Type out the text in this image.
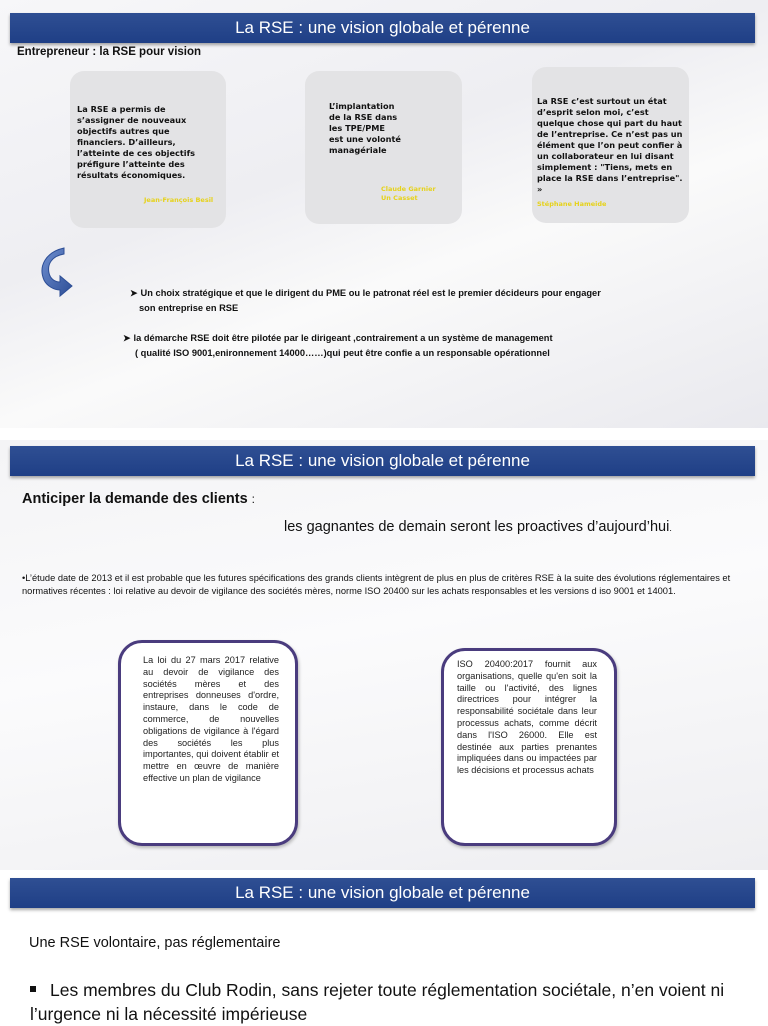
La RSE : une vision globale et pérenne
Entrepreneur : la RSE pour vision
La RSE a permis de s’assigner de nouveaux objectifs autres que financiers. D’ailleurs, l’atteinte de ces objectifs préfigure l’atteinte des résultats économiques.
Jean-François Besil
L’implantation de la RSE dans les TPE/PME est une volonté managériale
Claude Garnier Un Casset
La RSE c’est surtout un état d’esprit selon moi, c’est quelque chose qui part du haut de l’entreprise. Ce n’est pas un élément que l’on peut confier à un collaborateur en lui disant simplement : "Tiens, mets en place la RSE dans l’entreprise". »
Stéphane Hameide
➤ Un choix stratégique et que le dirigent du PME ou le patronat réel est le premier décideurs pour engager
son entreprise en RSE
➤ la démarche RSE doit être pilotée par le dirigeant ,contrairement a un système de management
( qualité ISO 9001,enironnement 14000……)qui peut être confie a un responsable opérationnel
La RSE : une vision globale et pérenne
Anticiper la demande des clients :
les gagnantes de demain seront les proactives d’aujourd’hui.
•L’étude date de 2013 et il est probable que les futures spécifications des grands clients intègrent de plus en plus de critères RSE à la suite des évolutions réglementaires et normatives récentes : loi relative au devoir de vigilance des sociétés mères, norme ISO 20400 sur les achats responsables et les versions d iso 9001 et 14001.
La loi du 27 mars 2017 relative au devoir de vigilance des sociétés mères et des entreprises donneuses d'ordre, instaure, dans le code de commerce, de nouvelles obligations de vigilance à l'égard des sociétés les plus importantes, qui doivent établir et mettre en œuvre de manière effective un plan de vigilance
ISO 20400:2017 fournit aux organisations, quelle qu'en soit la taille ou l'activité, des lignes directrices pour intégrer la responsabilité sociétale dans leur processus achats, comme décrit dans l'ISO 26000. Elle est destinée aux parties prenantes impliquées dans ou impactées par les décisions et processus achats
La RSE : une vision globale et pérenne
Une RSE volontaire, pas réglementaire
Les membres du Club Rodin, sans rejeter toute réglementation sociétale, n’en voient ni l’urgence ni la nécessité impérieuse
